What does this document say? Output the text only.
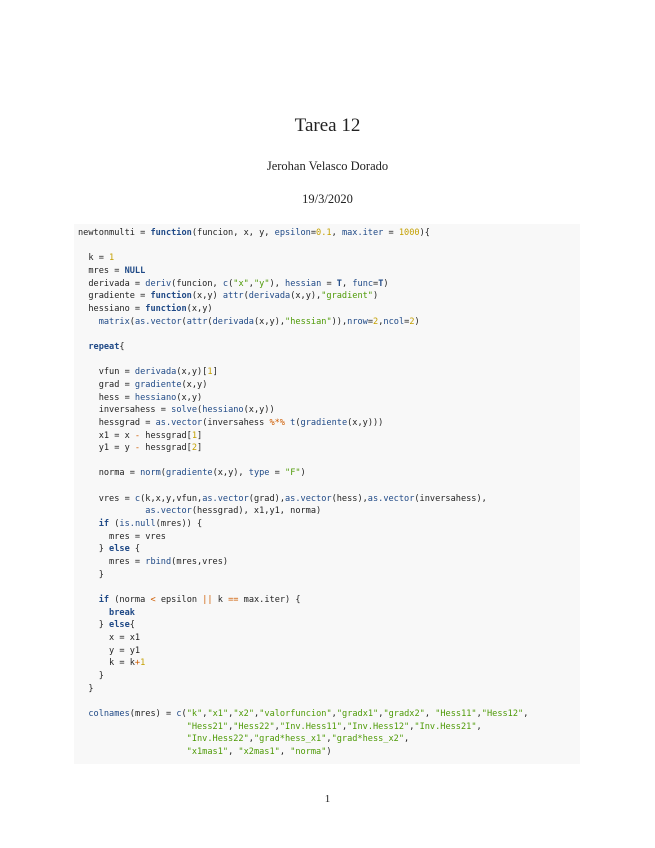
Tarea 12
Jerohan Velasco Dorado
19/3/2020
newtonmulti = function(funcion, x, y, epsilon=0.1, max.iter = 1000){

k = 1
mres = NULL
derivada = deriv(funcion, c("x","y"), hessian = T, func=T)
gradiente = function(x,y) attr(derivada(x,y),"gradient")
hessiano = function(x,y)
matrix(as.vector(attr(derivada(x,y),"hessian")),nrow=2,ncol=2)

repeat{

vfun = derivada(x,y)[1]
grad = gradiente(x,y)
hess = hessiano(x,y)
inversahess = solve(hessiano(x,y))
hessgrad = as.vector(inversahess %*% t(gradiente(x,y)))
x1 = x - hessgrad[1]
y1 = y - hessgrad[2]

norma = norm(gradiente(x,y), type = "F")

vres = c(k,x,y,vfun,as.vector(grad),as.vector(hess),as.vector(inversahess),
as.vector(hessgrad), x1,y1, norma)
if (is.null(mres)) {
mres = vres
} else {
mres = rbind(mres,vres)
}

if (norma < epsilon || k == max.iter) {
break
} else{
x = x1
y = y1
k = k+1
}
}

colnames(mres) = c("k","x1","x2","valorfuncion","gradx1","gradx2", "Hess11","Hess12",
"Hess21","Hess22","Inv.Hess11","Inv.Hess12","Inv.Hess21",
"Inv.Hess22","grad*hess_x1","grad*hess_x2",
"x1mas1", "x2mas1", "norma")
1
